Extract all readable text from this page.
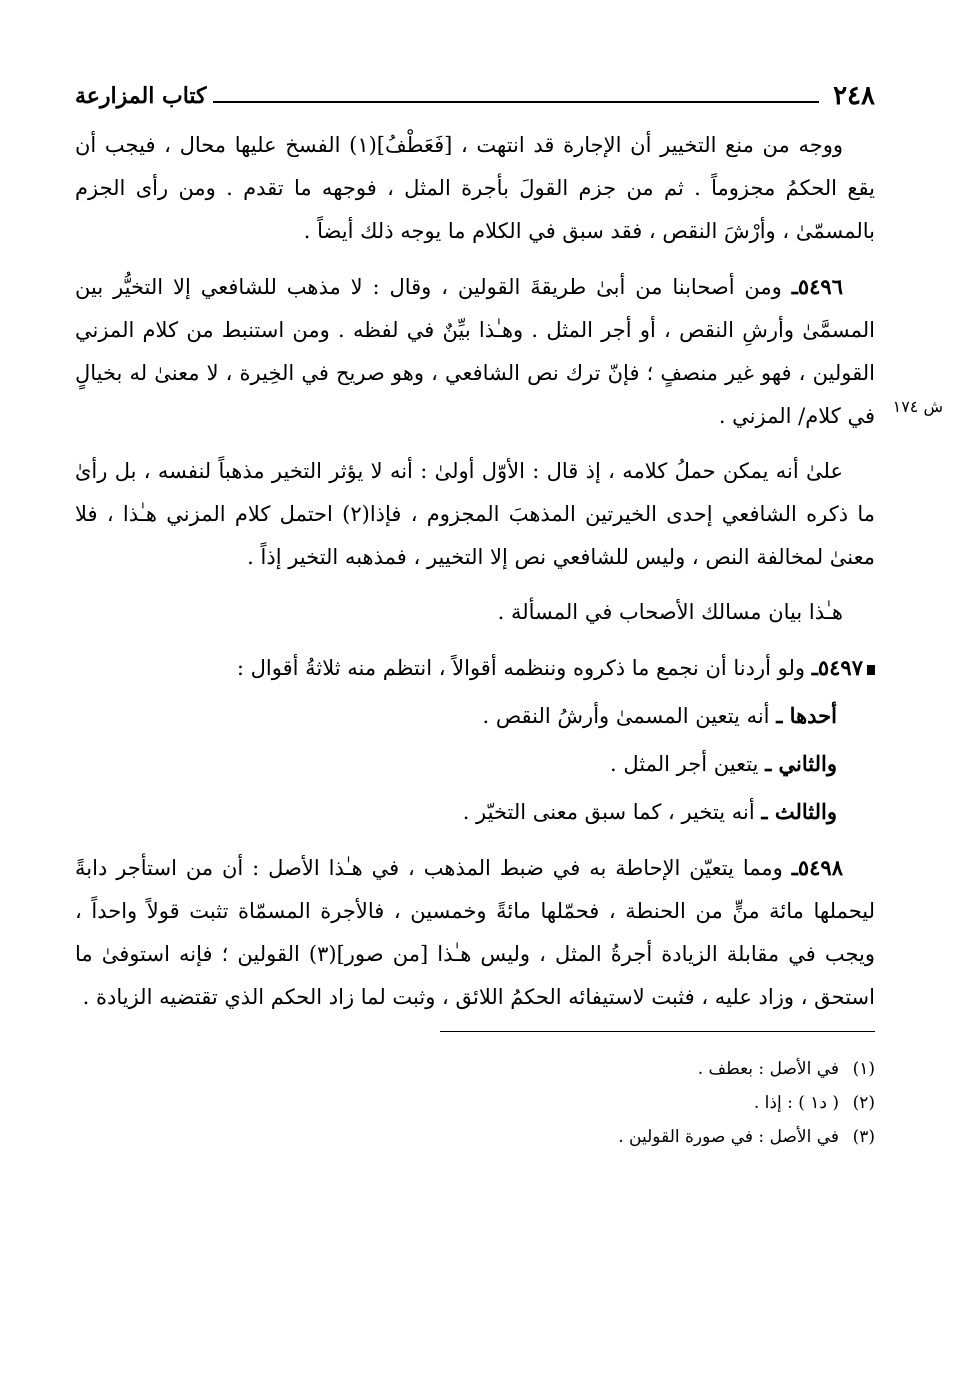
٢٤٨
كتاب المزارعة

ووجه من منع التخيير أن الإجارة قد انتهت ، [فَعَطْفُ](١) الفسخ عليها محال ، فيجب أن يقع الحكمُ مجزوماً . ثم من جزم القولَ بأجرة المثل ، فوجهه ما تقدم . ومن رأى الجزم بالمسمّىٰ ، وأرْشَ النقص ، فقد سبق في الكلام ما يوجه ذلك أيضاً .

٥٤٩٦ـ ومن أصحابنا من أبىٰ طريقةَ القولين ، وقال : لا مذهب للشافعي إلا التخيُّر بين المسمَّىٰ وأرشِ النقص ، أو أجر المثل . وهـٰذا بيِّنٌ في لفظه . ومن استنبط من كلام المزني القولين ، فهو غير منصفٍ ؛ فإنّ ترك نص الشافعي ، وهو صريح في الخِيرة ، لا معنىٰ له بخيالٍ في كلام/ المزني . ش ١٧٤

علىٰ أنه يمكن حملُ كلامه ، إذ قال : الأوّل أولىٰ : أنه لا يؤثر التخير مذهباً لنفسه ، بل رأىٰ ما ذكره الشافعي إحدى الخيرتين المذهبَ المجزوم ، فإذا(٢) احتمل كلام المزني هـٰذا ، فلا معنىٰ لمخالفة النص ، وليس للشافعي نص إلا التخيير ، فمذهبه التخير إذاً .

هـٰذا بيان مسالك الأصحاب في المسألة .

٥٤٩٧ـ ولو أردنا أن نجمع ما ذكروه وننظمه أقوالاً ، انتظم منه ثلاثةُ أقوال :

أحدها ـ أنه يتعين المسمىٰ وأرشُ النقص .
والثاني ـ يتعين أجر المثل .
والثالث ـ أنه يتخير ، كما سبق معنى التخيّر .

٥٤٩٨ـ ومما يتعيّن الإحاطة به في ضبط المذهب ، في هـٰذا الأصل : أن من استأجر دابةً ليحملها مائة منٍّ من الحنطة ، فحمّلها مائةً وخمسين ، فالأجرة المسمّاة تثبت قولاً واحداً ، ويجب في مقابلة الزيادة أجرةُ المثل ، وليس هـٰذا [من صور](٣) القولين ؛ فإنه استوفىٰ ما استحق ، وزاد عليه ، فثبت لاستيفائه الحكمُ اللائق ، وثبت لما زاد الحكم الذي تقتضيه الزيادة .

(١)
في الأصل : بعطف .
(٢)
( د١ ) : إذا .
(٣)
في الأصل : في صورة القولين .
